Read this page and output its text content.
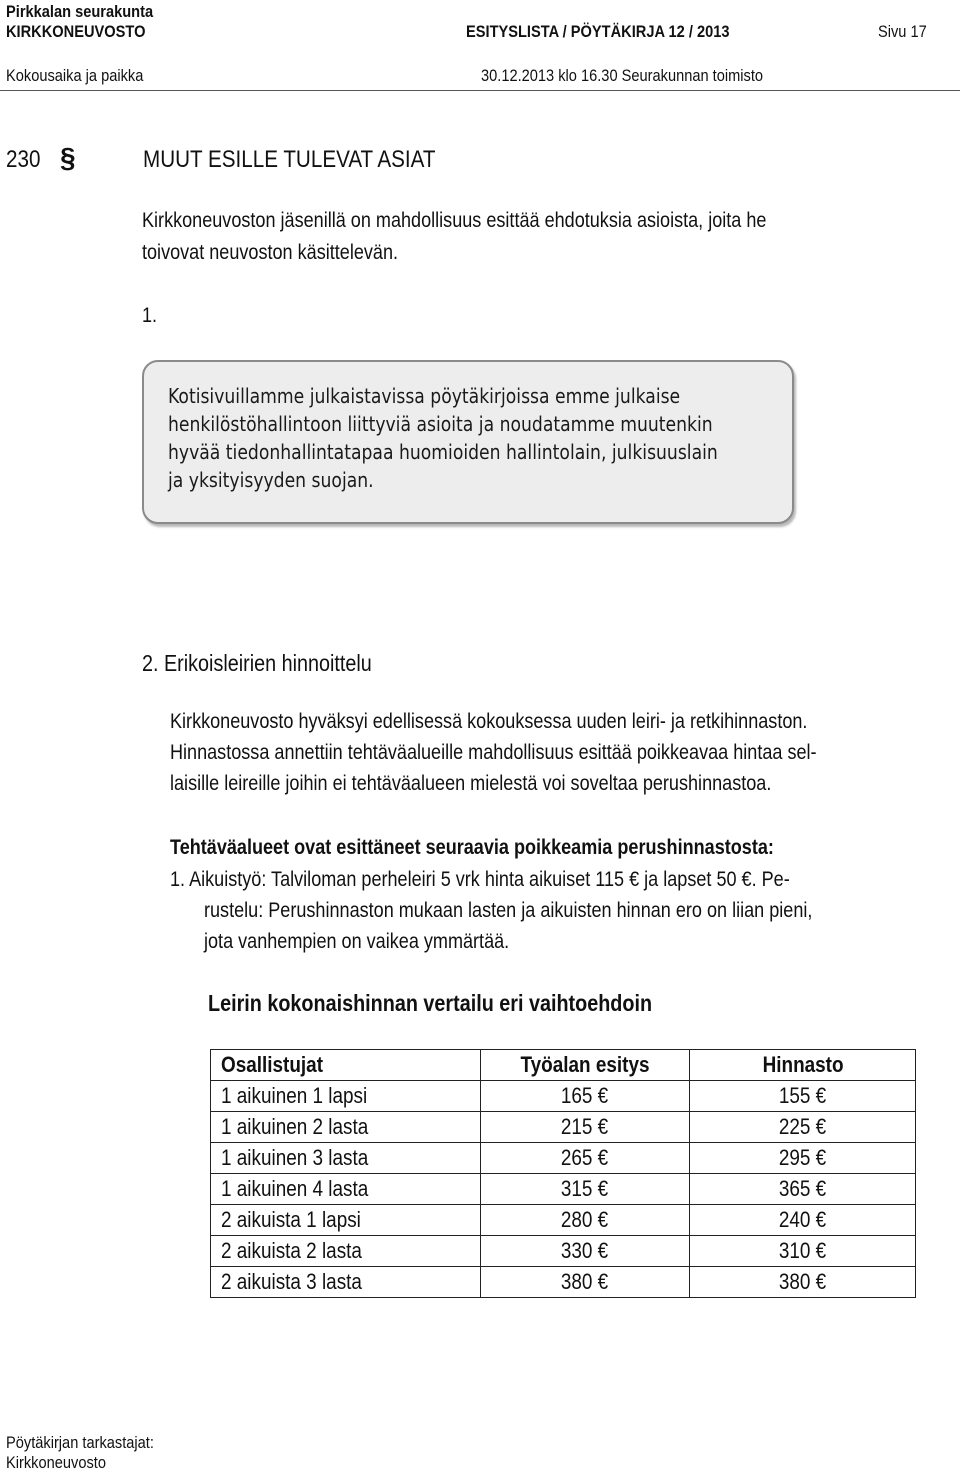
Pirkkalan seurakunta
KIRKKONEUVOSTO	ESITYSLISTA / PÖYTÄKIRJA 12 / 2013	Sivu 17
Kokousaika ja paikka	30.12.2013 klo 16.30 Seurakunnan toimisto
230 §	MUUT ESILLE TULEVAT ASIAT
Kirkkoneuvoston jäsenillä on mahdollisuus esittää ehdotuksia asioista, joita he
toivovat neuvoston käsittelevän.
1.
Kotisivuillamme julkaistavissa pöytäkirjoissa emme julkaise
henkilöstöhallintoon liittyviä asioita ja noudatamme muutenkin
hyvää tiedonhallintatapaa huomioiden hallintolain, julkisuuslain
ja yksityisyyden suojan.
2. Erikoisleirien hinnoittelu
Kirkkoneuvosto hyväksyi edellisessä kokouksessa uuden leiri- ja retkihinnaston.
Hinnastossa annettiin tehtäväalueille mahdollisuus esittää poikkeavaa hintaa sel-
laisille leireille joihin ei tehtäväalueen mielestä voi soveltaa perushinnastoa.
Tehtäväalueet ovat esittäneet seuraavia poikkeamia perushinnastosta:
1. Aikuistyö: Talviloman perheleiri 5 vrk hinta aikuiset 115 € ja lapset 50 €. Pe-
rustelu: Perushinnaston mukaan lasten ja aikuisten hinnan ero on liian pieni,
jota vanhempien on vaikea ymmärtää.
Leirin kokonaishinnan vertailu eri vaihtoehdoin
Osallistujat	Työalan esitys	Hinnasto
1 aikuinen 1 lapsi	165 €	155 €
1 aikuinen 2 lasta	215 €	225 €
1 aikuinen 3 lasta	265 €	295 €
1 aikuinen 4 lasta	315 €	365 €
2 aikuista 1 lapsi	280 €	240 €
2 aikuista 2 lasta	330 €	310 €
2 aikuista 3 lasta	380 €	380 €
Pöytäkirjan tarkastajat:
Kirkkoneuvosto
